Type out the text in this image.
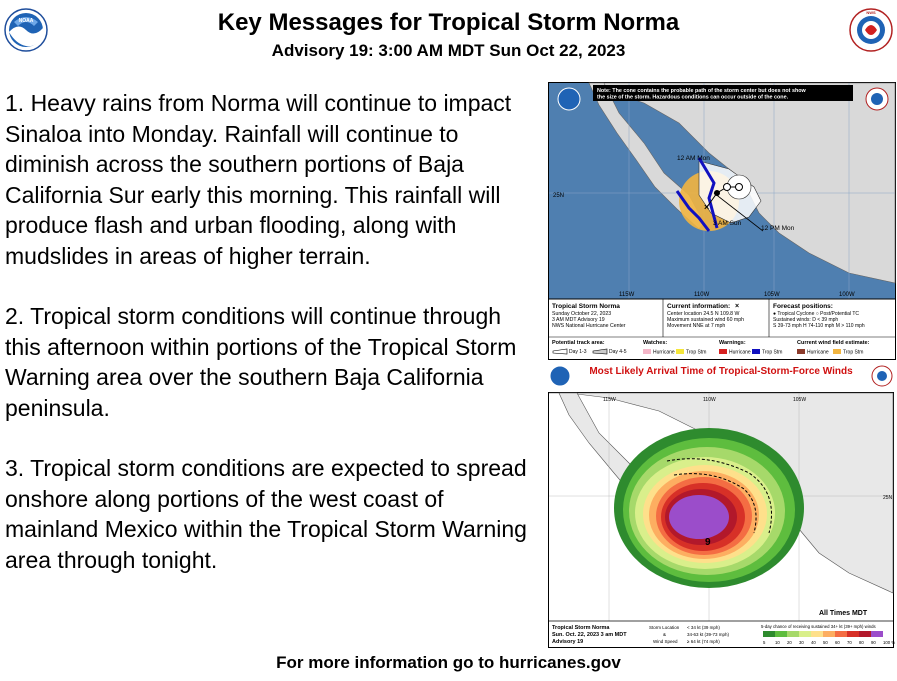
Key Messages for Tropical Storm Norma
Advisory 19: 3:00 AM MDT Sun Oct 22, 2023
NOAA
NWS

1. Heavy rains from Norma will continue to impact Sinaloa into Monday. Rainfall will continue to diminish across the southern portions of Baja California Sur early this morning. This rainfall will produce flash and urban flooding, along with mudslides in areas of higher terrain.

2. Tropical storm conditions will continue through this afternoon within portions of the Tropical Storm Warning area over the southern Baja California peninsula.

3. Tropical storm conditions are expected to spread onshore along portions of the west coast of mainland Mexico within the Tropical Storm Warning area through tonight.

Note: The cone contains the probable path of the storm center but does not show
the size of the storm. Hazardous conditions can occur outside of the cone.
×
12 AM Mon
3 AM Sun
12 PM Mon
25N
115W	110W	105W	100W
Tropical Storm Norma
Sunday October 22, 2023
3 AM MDT Advisory 19
NWS National Hurricane Center
Current information: ×
Center location 24.5 N 109.8 W
Maximum sustained wind 60 mph
Movement NNE at 7 mph
Forecast positions:
● Tropical Cyclone ○ Post/Potential TC
Sustained winds: D < 39 mph
S 39-73 mph H 74-110 mph M > 110 mph
Potential track area:
Day 1-3	Day 4-5
Watches:
Hurricane Trop Stm
Warnings:
Hurricane Trop Stm
Current wind field estimate:
Hurricane	Trop Stm
Most Likely Arrival Time of Tropical-Storm-Force Winds
115W	110W	105W
25N
9
All Times MDT
Tropical Storm Norma
Sun. Oct. 22, 2023 3 am MDT
Advisory 19
Storm Location
&
Wind Speed
< 34 kt (39 mph)
34-63 kt (39-73 mph)
≥ 64 kt (74 mph)
5-day chance of receiving sustained 34+ kt (39+ mph) winds
5 10 20 30 40 50 60 70 80 90 100 %
For more information go to hurricanes.gov
